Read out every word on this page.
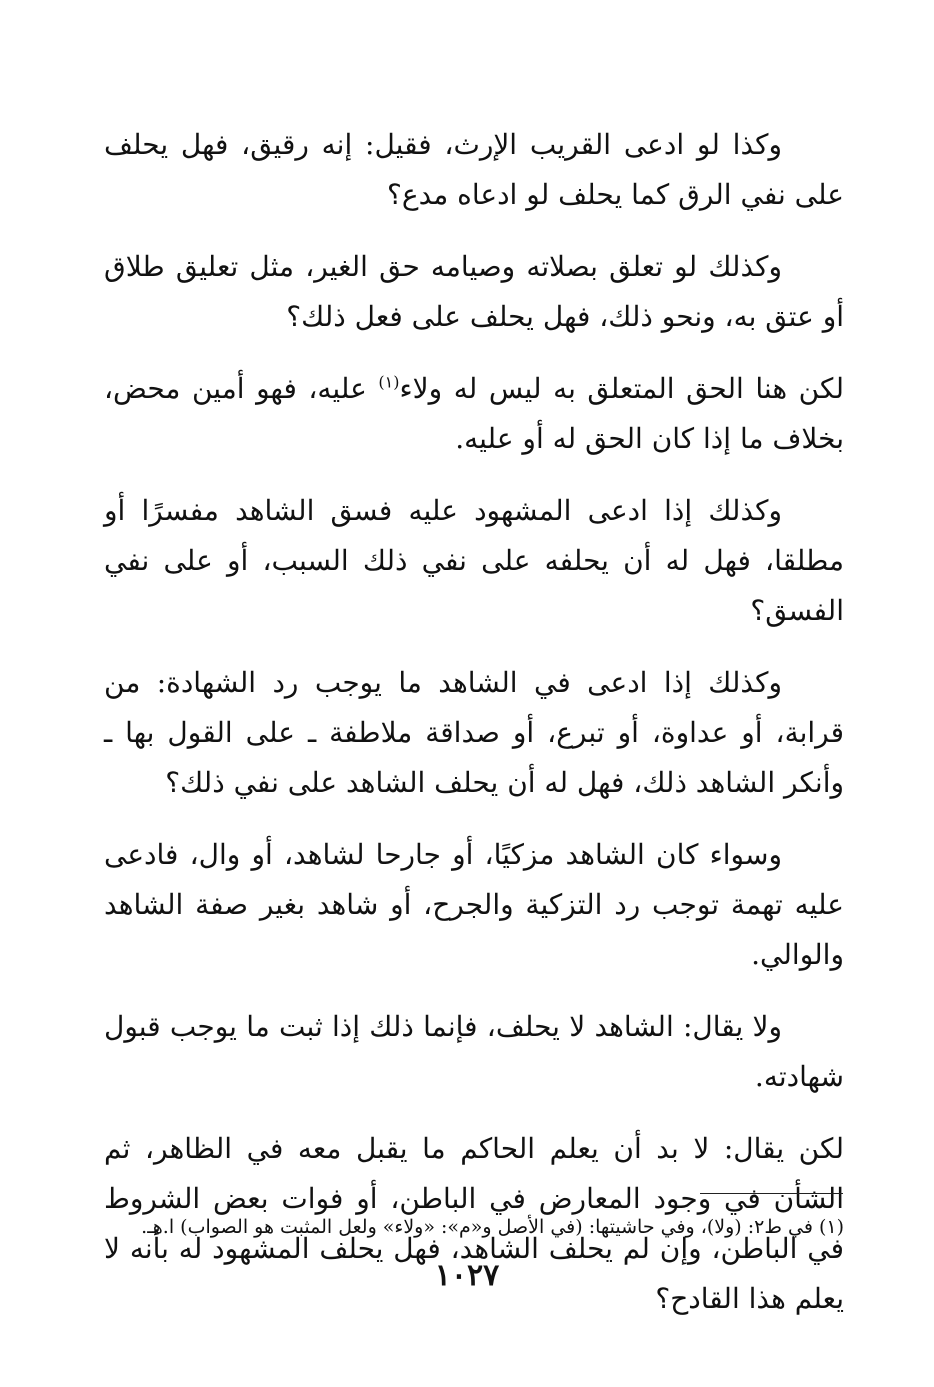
وكذا لو ادعى القريب الإرث، فقيل: إنه رقيق، فهل يحلف على نفي الرق كما يحلف لو ادعاه مدع؟

وكذلك لو تعلق بصلاته وصيامه حق الغير، مثل تعليق طلاق أو عتق به، ونحو ذلك، فهل يحلف على فعل ذلك؟

لكن هنا الحق المتعلق به ليس له ولاء$^{(١)}$ عليه، فهو أمين محض، بخلاف ما إذا كان الحق له أو عليه.

وكذلك إذا ادعى المشهود عليه فسق الشاهد مفسرًا أو مطلقا، فهل له أن يحلفه على نفي ذلك السبب، أو على نفي الفسق؟

وكذلك إذا ادعى في الشاهد ما يوجب رد الشهادة: من قرابة، أو عداوة، أو تبرع، أو صداقة ملاطفة ـ على القول بها ـ وأنكر الشاهد ذلك، فهل له أن يحلف الشاهد على نفي ذلك؟

وسواء كان الشاهد مزكيًا، أو جارحا لشاهد، أو وال، فادعى عليه تهمة توجب رد التزكية والجرح، أو شاهد بغير صفة الشاهد والوالي.

ولا يقال: الشاهد لا يحلف، فإنما ذلك إذا ثبت ما يوجب قبول شهادته.

لكن يقال: لا بد أن يعلم الحاكم ما يقبل معه في الظاهر، ثم الشأن في وجود المعارض في الباطن، أو فوات بعض الشروط في الباطن، وإن لم يحلف الشاهد، فهل يحلف المشهود له بأنه لا يعلم هذا القادح؟

(١) في ط٢: (ولا)، وفي حاشيتها: (في الأصل و«م»: «ولاء» ولعل المثبت هو الصواب) ا.هـ.
١٠٢٧
